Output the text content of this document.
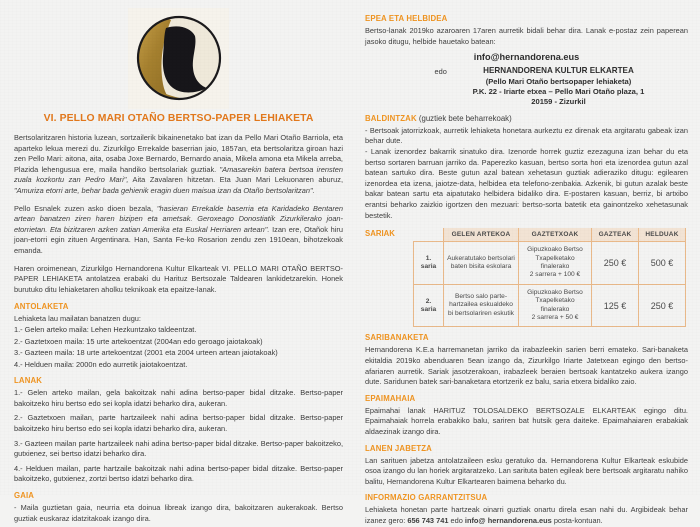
VI. PELLO MARI OTAÑO BERTSO-PAPER LEHIAKETA

Bertsolaritzaren historia luzean, sortzailerik bikainenetako bat izan da Pello Mari Otaño Barriola, eta aparteko lekua merezi du. Zizurkilgo Errekalde baserrian jaio, 1857an, eta bertsolaritza giroan hazi zen Pello Mari: aitona, aita, osaba Joxe Bernardo, Bernardo anaia, Mikela amona eta Mikela arreba, Plazida lehengusua ere, maila handiko bertsolariak guztiak. "Amasarekin batera bertsoa irensten zuala kozkortu zan Pedro Mari", Aita Zavalaren hitzetan. Eta Juan Mari Lekuonaren aburuz, "Amuriza etorri arte, behar bada gehienik eragin duen maisua izan da Otaño bertsolaritzan".

Pello Esnalek zuzen asko dioen bezala, "hasieran Errekalde baserria eta Karidadeko Bentaren artean banatzen ziren haren bizipen eta ametsak. Geroxeago Donostiatik Zizurkilerako joan-etorrietan. Eta bizitzaren azken zatian Amerika eta Euskal Herriaren artean". Izan ere, Otañok hiru joan-etorri egin zituen Argentinara. Han, Santa Fe-ko Rosarion zendu zen 1910ean, bihotzekoak emanda.

Haren oroimenean, Zizurkilgo Hernandorena Kultur Elkarteak VI. PELLO MARI OTAÑO BERTSO-PAPER LEHIAKETA antolatzea erabaki du Harituz Bertsozale Taldearen lankidetzarekin. Honek burutuko ditu lehiaketaren aholku teknikoak eta epaitze-lanak.

ANTOLAKETA

Lehiaketa lau mailatan banatzen dugu:

1.- Gelen arteko maila: Lehen Hezkuntzako taldeentzat.
2.- Gaztetxoen maila: 15 urte artekoentzat (2004an edo geroago jaiotakoak)
3.- Gazteen maila: 18 urte artekoentzat (2001 eta 2004 urteen artean jaiotakoak)
4.- Helduen maila: 2000n edo aurretik jaiotakoentzat.
LANAK
1.- Gelen arteko mailan, gela bakoitzak nahi adina bertso-paper bidal ditzake. Bertso-paper bakoitzeko hiru bertso edo sei kopla idatzi beharko dira, aukeran.
2.- Gaztetxoen mailan, parte hartzaileek nahi adina bertso-paper bidal ditzake. Bertso-paper bakoitzeko hiru bertso edo sei kopla idatzi beharko dira, aukeran.
3.- Gazteen mailan parte hartzaileek nahi adina bertso-paper bidal ditzake. Bertso-paper bakoitzeko, gutxienez, sei bertso idatzi beharko dira.
4.- Helduen mailan, parte hartzaile bakoitzak nahi adina bertso-paper bidal ditzake. Bertso-paper bakoitzeko, gutxienez, zortzi bertso idatzi beharko dira.
GAIA

- Maila guztietan gaia, neurria eta doinua libreak izango dira, bakoitzaren aukerakoak. Bertso guztiak euskaraz idatzitakoak izango dira.

EPEA ETA HELBIDEA

Bertso-lanak 2019ko azaroaren 17aren aurretik bidali behar dira. Lanak e-postaz zein paperean jasoko ditugu, helbide hauetako batean:

info@hernandorena.eus
edo	HERNANDORENA KULTUR ELKARTEA
(Pello Mari Otaño bertsopaper lehiaketa)
P.K. 22 - Iriarte etxea – Pello Mari Otaño plaza, 1
20159 - Zizurkil
BALDINTZAK (guztiek bete beharrekoak)

- Bertsoak jatorrizkoak, aurretik lehiaketa honetara aurkeztu ez direnak eta argitaratu gabeak izan behar dute.

- Lanak izenordez bakarrik sinatuko dira. Izenorde horrek guztiz ezezaguna izan behar du eta bertso sortaren barruan jarriko da. Paperezko kasuan, bertso sorta hori eta izenordea gutun azal batean sartuko dira. Beste gutun azal batean xehetasun guztiak adieraziko ditugu: egilearen izenordea eta izena, jaiotze-data, helbidea eta telefono-zenbakia. Azkenik, bi gutun azalak beste bakar batean sartu eta aipatutako helbidera bidaliko dira. E-postaren kasuan, berriz, bi artxibo erantsi beharko zaizkio igortzen den mezuari: bertso-sorta batetik eta gainontzeko xehetasunak bestetik.

SARIAK
		GELEN ARTEKOA	GAZTETXOAK	GAZTEAK	HELDUAK

1.
saria
	Aukeratutako bertsolari baten bisita eskolara	
Gipuzkoako Bertso
Txapelketako
finalerako
2 sarrera + 100 €
	250 €	500 €

2.
saria
	Bertso salo parte-hartzailea eskualdeko bi bertsolariren eskutik	
Gipuzkoako Bertso
Txapelketako
finalerako
2 sarrera + 50 €
	125 €	250 €
SARIBANAKETA

Hernandorena K.E.a harremanetan jarriko da irabazleekin sarien berri emateko. Sari-banaketa ekitaldia 2019ko abenduaren 5ean izango da, Zizurkilgo Iriarte Jatetxean egingo den bertso-afariaren aurretik. Sariak jasotzerakoan, irabazleek beraien bertsoak kantatzeko aukera izango dute. Saridunen batek sari-banaketara etortzerik ez balu, saria etxera bidaliko zaio.

EPAIMAHAIA

Epaimahai lanak HARITUZ TOLOSALDEKO BERTSOZALE ELKARTEAK egingo ditu. Epaimahaiak horrela erabakiko balu, sariren bat hutsik gera daiteke. Epaimahaiaren erabakiak aldaezinak izango dira.

LANEN JABETZA

Lan sarituen jabetza antolatzaileen esku geratuko da. Hernandorena Kultur Elkarteak eskubide osoa izango du lan horiek argitaratzeko. Lan sarituta baten egileak bere bertsoak argitaratu nahiko balitu, Hernandorena Kultur Elkartearen baimena beharko du.

INFORMAZIO GARRANTZITSUA

Lehiaketa honetan parte hartzeak oinarri guztiak onartu direla esan nahi du. Argibideak behar izanez gero: 656 743 741 edo info@ hernandorena.eus posta-kontuan.
